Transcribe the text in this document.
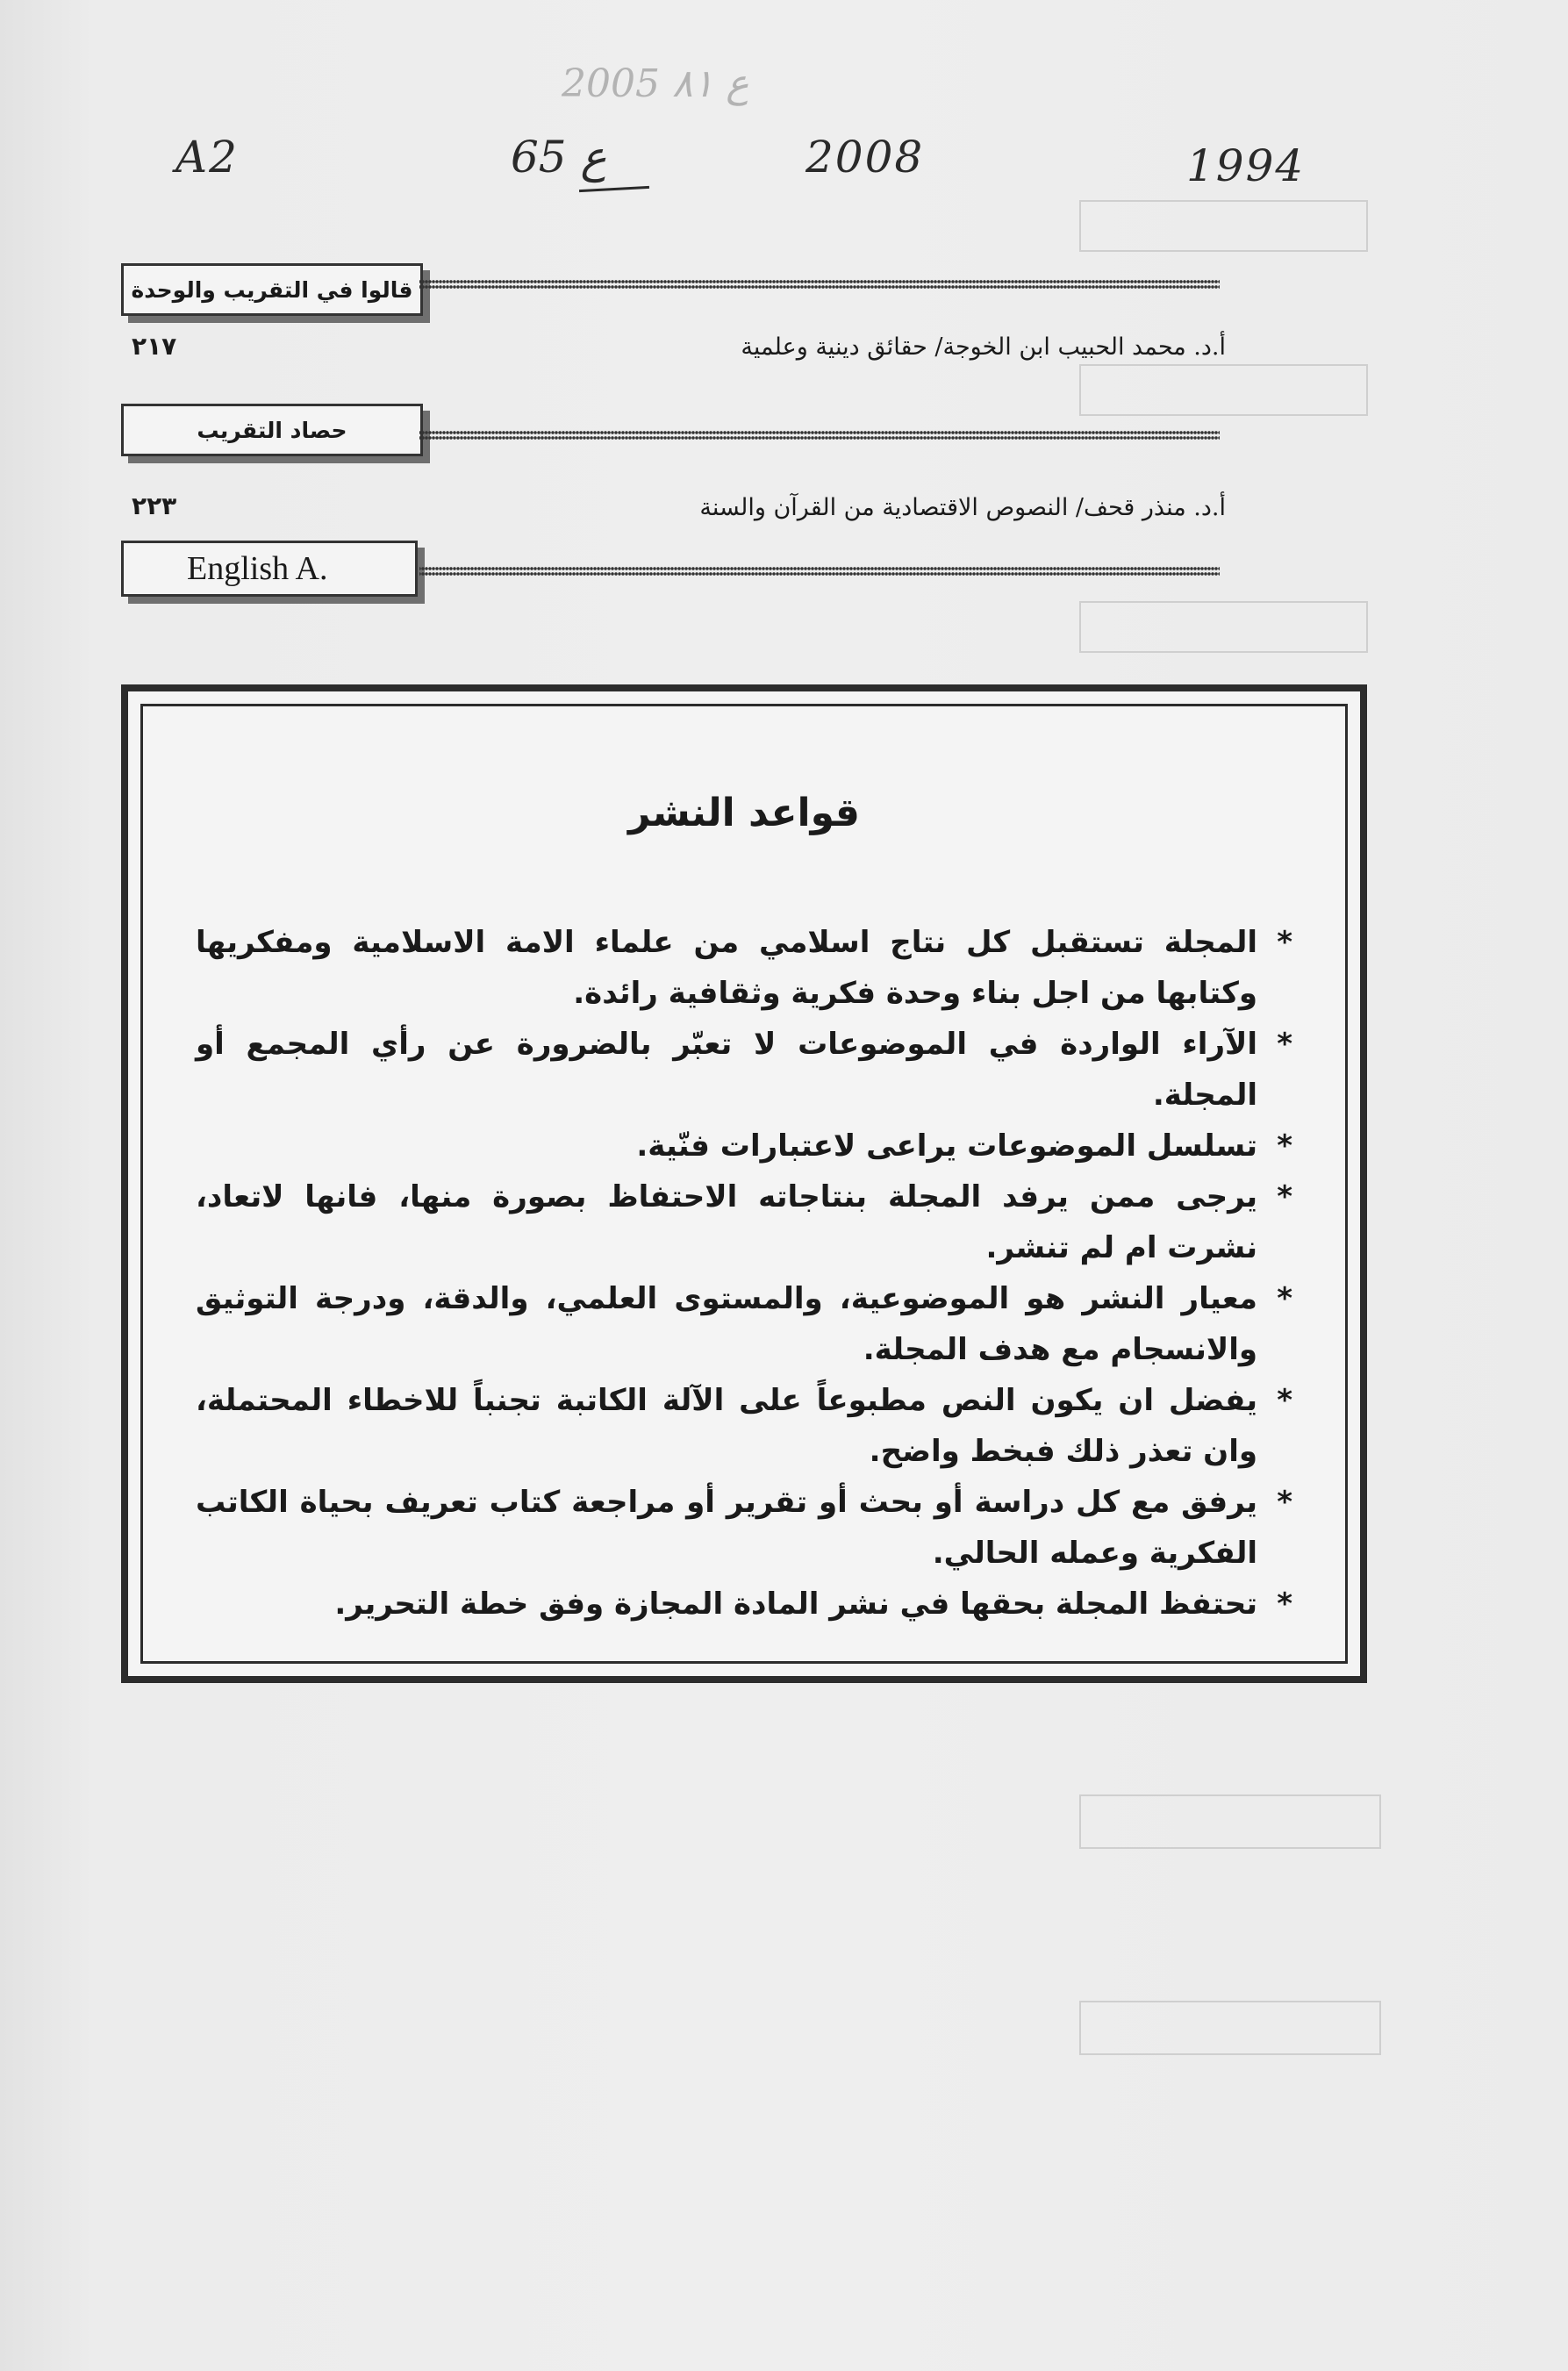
2005 ع ٨١
A2	65 ع	2008	1994
قالوا في التقريب والوحدة
٢١٧	أ.د. محمد الحبيب ابن الخوجة/ حقائق دينية وعلمية
حصاد التقريب
٢٢٣	أ.د. منذر قحف/ النصوص الاقتصادية من القرآن والسنة
English A.
قواعد النشر
*
المجلة تستقبل كل نتاج اسلامي من علماء الامة الاسلامية ومفكريها وكتابها من اجل بناء وحدة فكرية وثقافية رائدة.
*
الآراء الواردة في الموضوعات لا تعبّر بالضرورة عن رأي المجمع أو المجلة.
*
تسلسل الموضوعات يراعى لاعتبارات فنّية.
*
يرجى ممن يرفد المجلة بنتاجاته الاحتفاظ بصورة منها، فانها لاتعاد، نشرت ام لم تنشر.
*
معيار النشر هو الموضوعية، والمستوى العلمي، والدقة، ودرجة التوثيق والانسجام مع هدف المجلة.
*
يفضل ان يكون النص مطبوعاً على الآلة الكاتبة تجنباً للاخطاء المحتملة، وان تعذر ذلك فبخط واضح.
*
يرفق مع كل دراسة أو بحث أو تقرير أو مراجعة كتاب تعريف بحياة الكاتب الفكرية وعمله الحالي.
*
تحتفظ المجلة بحقها في نشر المادة المجازة وفق خطة التحرير.
